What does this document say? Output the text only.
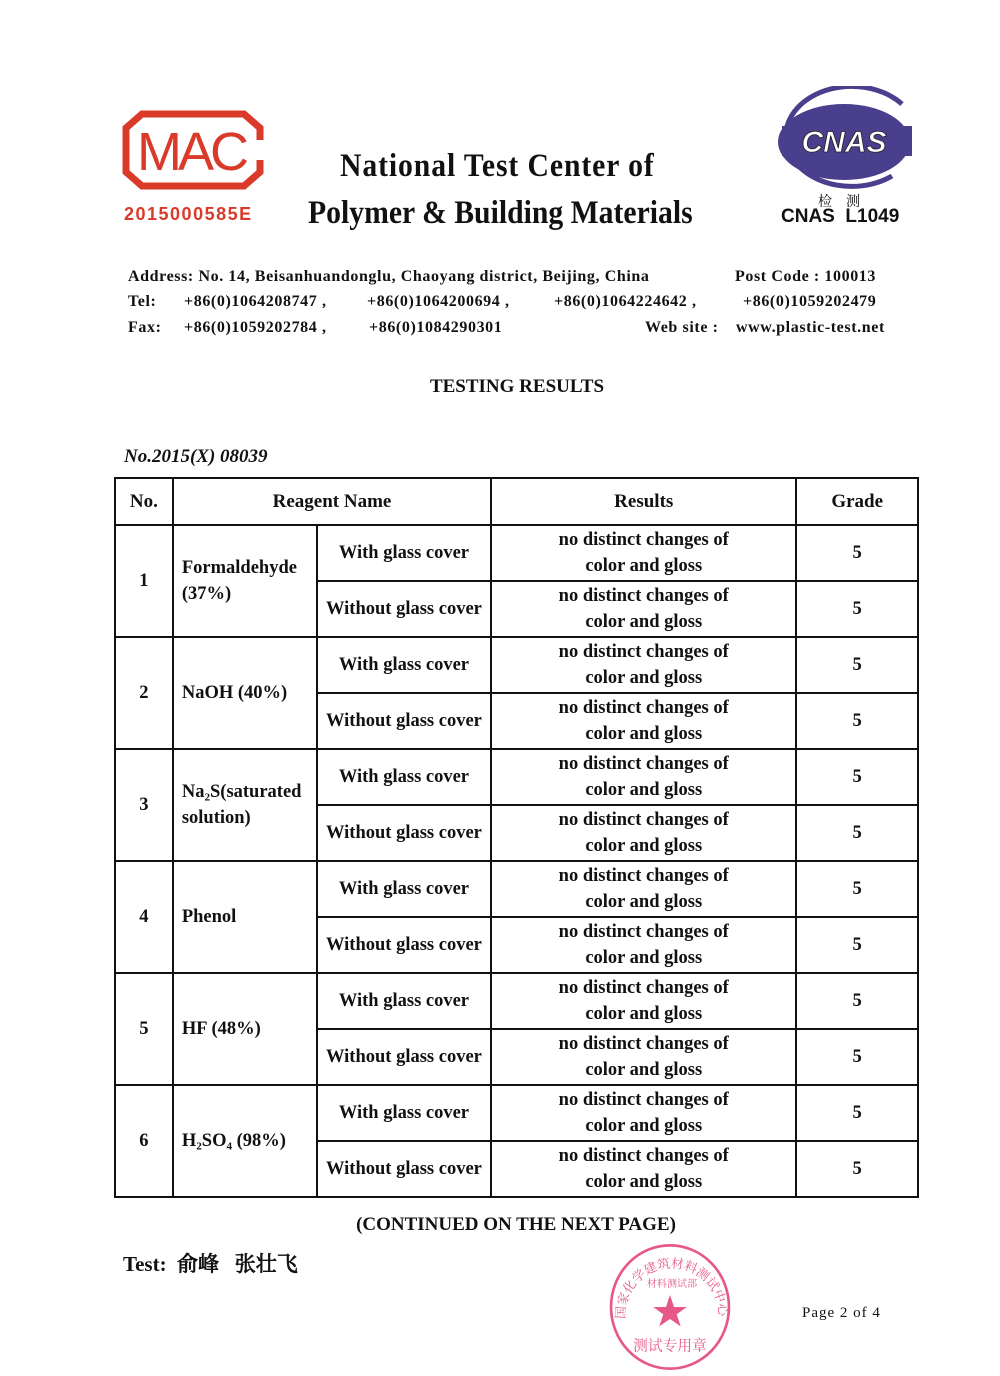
MAC
2015000585E
National Test Center of
Polymer & Building Materials
CNAS
检测
CNAS  L1049
Address: No. 14, Beisanhuandonglu, Chaoyang district, Beijing, China	Post Code : 100013
Tel: +86(0)1064208747 ,	+86(0)1064200694 ,	+86(0)1064224642 ,	+86(0)1059202479
Fax: +86(0)1059202784 ,	+86(0)1084290301	Web site : www.plastic-test.net
TESTING RESULTS
No.2015(X) 08039
No.	Reagent Name		Results	Grade
1	Formaldehyde (37%)	With glass cover	no distinct changes of color and gloss	5
		Without glass cover	no distinct changes of color and gloss	5
2	NaOH (40%)	With glass cover	no distinct changes of color and gloss	5
		Without glass cover	no distinct changes of color and gloss	5
3	Na₂S(saturated solution)	With glass cover	no distinct changes of color and gloss	5
		Without glass cover	no distinct changes of color and gloss	5
4	Phenol	With glass cover	no distinct changes of color and gloss	5
		Without glass cover	no distinct changes of color and gloss	5
5	HF (48%)	With glass cover	no distinct changes of color and gloss	5
		Without glass cover	no distinct changes of color and gloss	5
6	H₂SO₄ (98%)	With glass cover	no distinct changes of color and gloss	5
		Without glass cover	no distinct changes of color and gloss	5
(CONTINUED ON THE NEXT PAGE)
Test:  俞峰   张壮飞
Page 2 of 4
国家化学建筑材料测试中心
材料测试部
测试专用章
